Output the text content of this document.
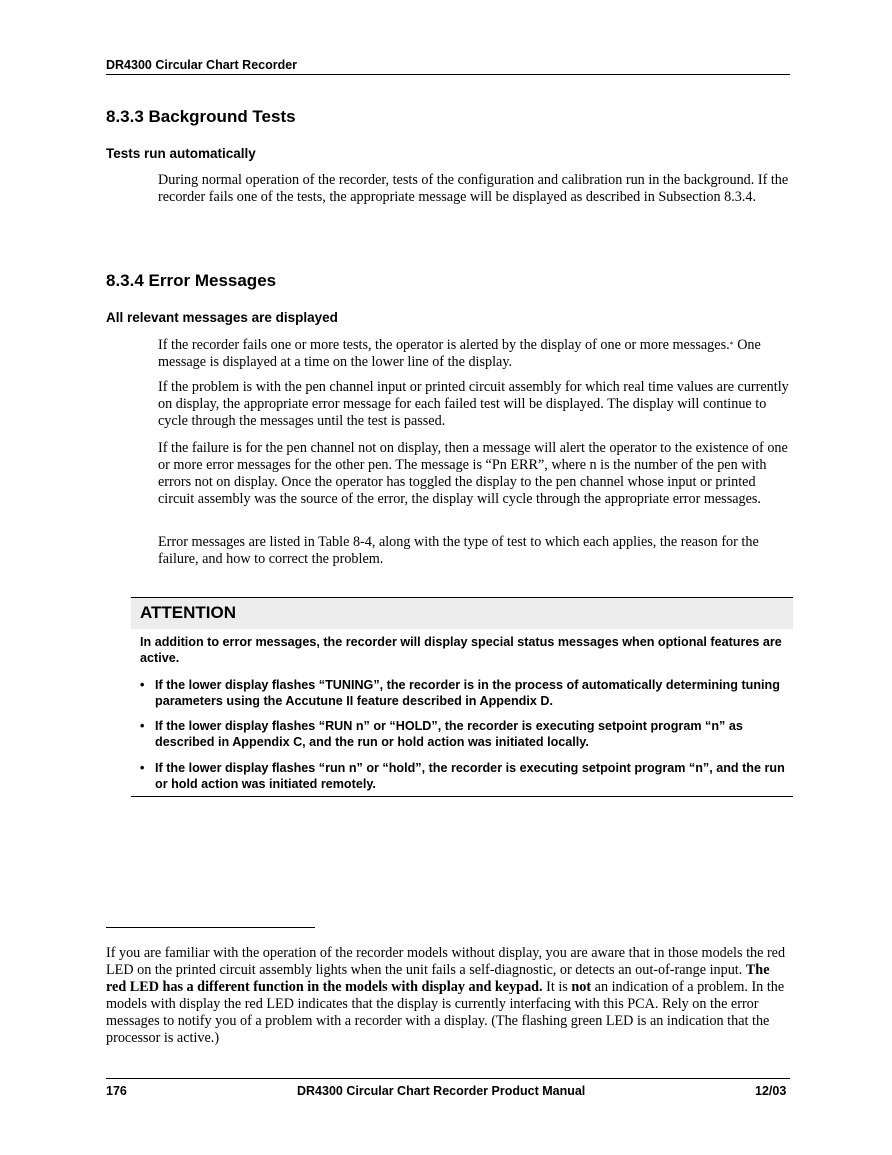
DR4300 Circular Chart Recorder
8.3.3 Background Tests
Tests run automatically

During normal operation of the recorder, tests of the configuration and calibration run in the background. If the recorder fails one of the tests, the appropriate message will be displayed as described in Subsection 8.3.4.

8.3.4 Error Messages
All relevant messages are displayed

If the recorder fails one or more tests, the operator is alerted by the display of one or more messages.* One message is displayed at a time on the lower line of the display.

If the problem is with the pen channel input or printed circuit assembly for which real time values are currently on display, the appropriate error message for each failed test will be displayed. The display will continue to cycle through the messages until the test is passed.

If the failure is for the pen channel not on display, then a message will alert the operator to the existence of one or more error messages for the other pen. The message is “Pn ERR”, where n is the number of the pen with errors not on display. Once the operator has toggled the display to the pen channel whose input or printed circuit assembly was the source of the error, the display will cycle through the appropriate error messages.

Error messages are listed in Table 8-4, along with the type of test to which each applies, the reason for the failure, and how to correct the problem.

ATTENTION

In addition to error messages, the recorder will display special status messages when optional features are active.

• If the lower display flashes “TUNING”, the recorder is in the process of automatically determining tuning parameters using the Accutune II feature described in Appendix D.

• If the lower display flashes “RUN n” or “HOLD”, the recorder is executing setpoint program “n” as described in Appendix C, and the run or hold action was initiated locally.

• If the lower display flashes “run n” or “hold”, the recorder is executing setpoint program “n”, and the run or hold action was initiated remotely.

If you are familiar with the operation of the recorder models without display, you are aware that in those models the red LED on the printed circuit assembly lights when the unit fails a self-diagnostic, or detects an out-of-range input. The red LED has a different function in the models with display and keypad. It is not an indication of a problem. In the models with display the red LED indicates that the display is currently interfacing with this PCA. Rely on the error messages to notify you of a problem with a recorder with a display. (The flashing green LED is an indication that the processor is active.)

176	DR4300 Circular Chart Recorder Product Manual	12/03
